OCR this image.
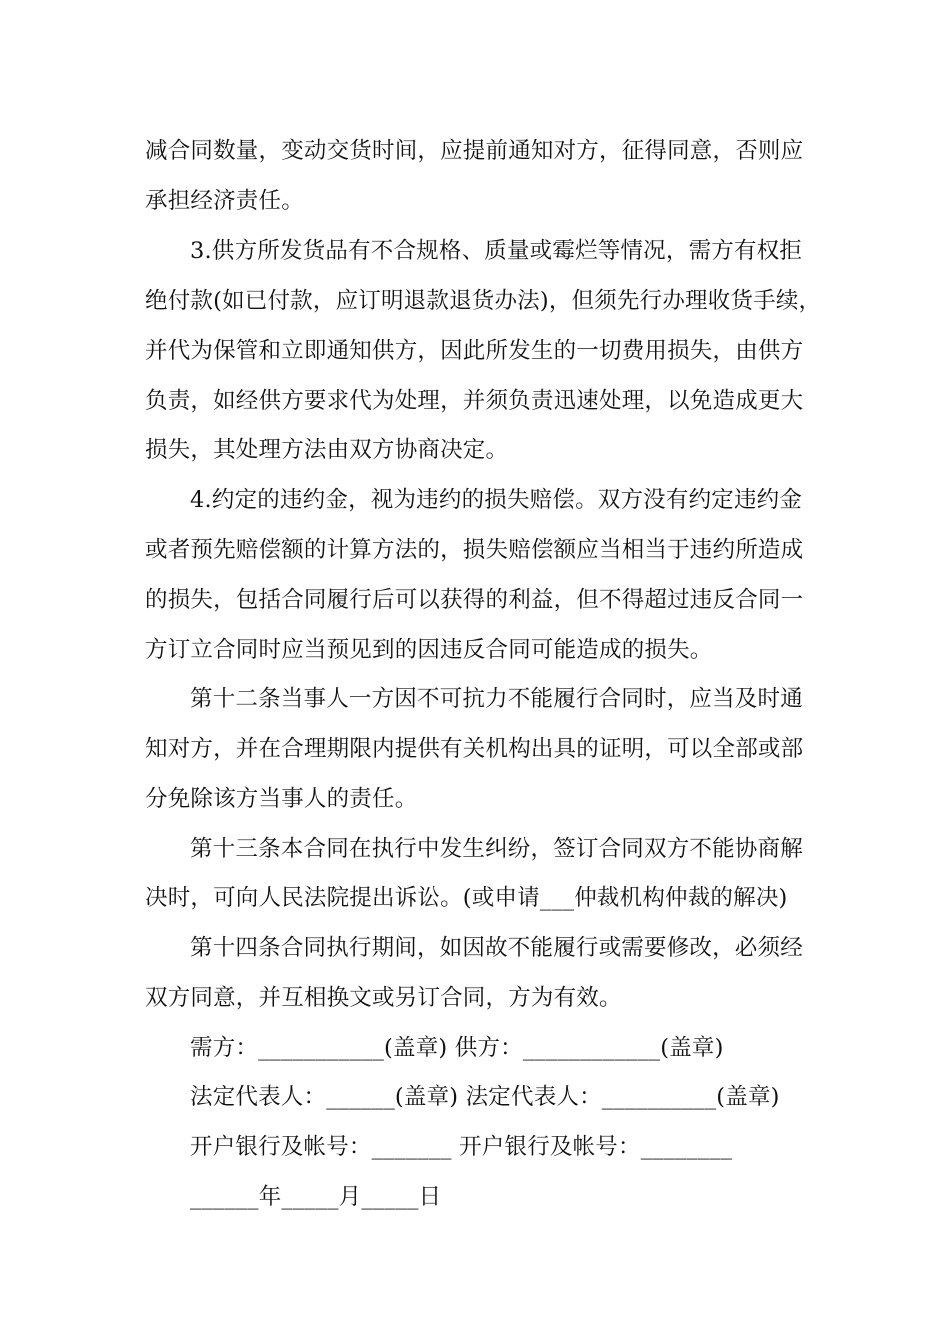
减合同数量，变动交货时间，应提前通知对方，征得同意，否则应
承担经济责任。
3.供方所发货品有不合规格、质量或霉烂等情况，需方有权拒
绝付款(如已付款，应订明退款退货办法)，但须先行办理收货手续，
并代为保管和立即通知供方，因此所发生的一切费用损失，由供方
负责，如经供方要求代为处理，并须负责迅速处理，以免造成更大
损失，其处理方法由双方协商决定。
4.约定的违约金，视为违约的损失赔偿。双方没有约定违约金
或者预先赔偿额的计算方法的，损失赔偿额应当相当于违约所造成
的损失，包括合同履行后可以获得的利益，但不得超过违反合同一
方订立合同时应当预见到的因违反合同可能造成的损失。
第十二条当事人一方因不可抗力不能履行合同时，应当及时通
知对方，并在合理期限内提供有关机构出具的证明，可以全部或部
分免除该方当事人的责任。
第十三条本合同在执行中发生纠纷，签订合同双方不能协商解
决时，可向人民法院提出诉讼。(或申请___仲裁机构仲裁的解决)
第十四条合同执行期间，如因故不能履行或需要修改，必须经
双方同意，并互相换文或另订合同，方为有效。
需方：___________(盖章) 供方：____________(盖章)
法定代表人：______(盖章) 法定代表人：__________(盖章)
开户银行及帐号：_______ 开户银行及帐号：________
______年_____月_____日
